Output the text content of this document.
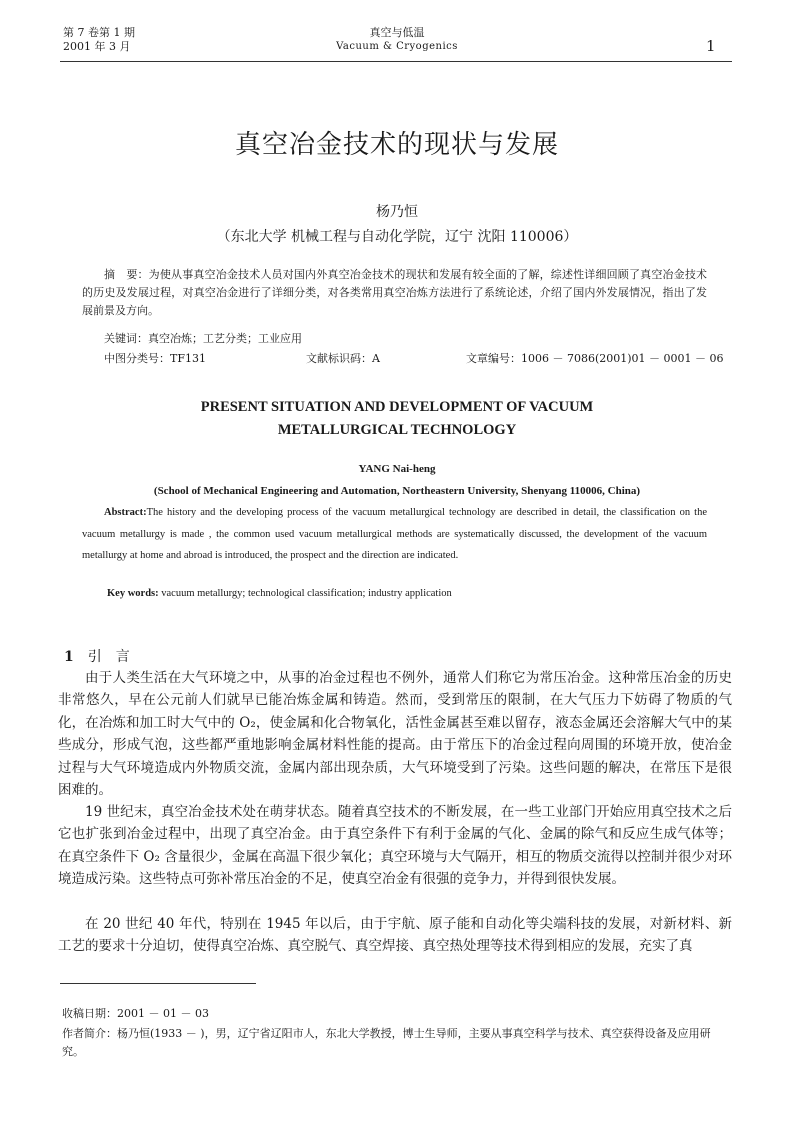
第 7 卷第 1 期
2001 年 3 月
真空与低温
Vacuum & Cryogenics	1
真空冶金技术的现状与发展
杨乃恒
（东北大学 机械工程与自动化学院，辽宁 沈阳 110006）
摘　要：为使从事真空冶金技术人员对国内外真空冶金技术的现状和发展有较全面的了解，综述性详细回顾了真空冶金技术的历史及发展过程，对真空冶金进行了详细分类，对各类常用真空冶炼方法进行了系统论述，介绍了国内外发展情况，指出了发展前景及方向。
关键词：真空冶炼；工艺分类；工业应用
中图分类号：TF131	文献标识码：A	文章编号：1006 － 7086(2001)01 － 0001 － 06
PRESENT SITUATION AND DEVELOPMENT OF VACUUM
METALLURGICAL TECHNOLOGY
YANG Nai-heng
(School of Mechanical Engineering and Automation, Northeastern University, Shenyang 110006, China)
Abstract:The history and the developing process of the vacuum metallurgical technology are described in detail, the classification on the vacuum metallurgy is made , the common used vacuum metallurgical methods are systematically discussed, the development of the vacuum metallurgy at home and abroad is introduced, the prospect and the direction are indicated.
Key words: vacuum metallurgy; technological classification; industry application
1 引　言
由于人类生活在大气环境之中，从事的冶金过程也不例外，通常人们称它为常压冶金。这种常压冶金的历史非常悠久，早在公元前人们就早已能冶炼金属和铸造。然而，受到常压的限制，在大气压力下妨碍了物质的气化，在冶炼和加工时大气中的 O₂，使金属和化合物氧化，活性金属甚至难以留存，液态金属还会溶解大气中的某些成分，形成气泡，这些都严重地影响金属材料性能的提高。由于常压下的冶金过程向周围的环境开放，使冶金过程与大气环境造成内外物质交流，金属内部出现杂质，大气环境受到了污染。这些问题的解决，在常压下是很困难的。
19 世纪末，真空冶金技术处在萌芽状态。随着真空技术的不断发展，在一些工业部门开始应用真空技术之后它也扩张到冶金过程中，出现了真空冶金。由于真空条件下有利于金属的气化、金属的除气和反应生成气体等；在真空条件下 O₂ 含量很少，金属在高温下很少氧化；真空环境与大气隔开，相互的物质交流得以控制并很少对环境造成污染。这些特点可弥补常压冶金的不足，使真空冶金有很强的竞争力，并得到很快发展。
在 20 世纪 40 年代，特别在 1945 年以后，由于宇航、原子能和自动化等尖端科技的发展，对新材料、新工艺的要求十分迫切，使得真空冶炼、真空脱气、真空焊接、真空热处理等技术得到相应的发展，充实了真
收稿日期：2001 － 01 － 03
作者简介：杨乃恒(1933 － )，男，辽宁省辽阳市人，东北大学教授，博士生导师，主要从事真空科学与技术、真空获得设备及应用研究。
